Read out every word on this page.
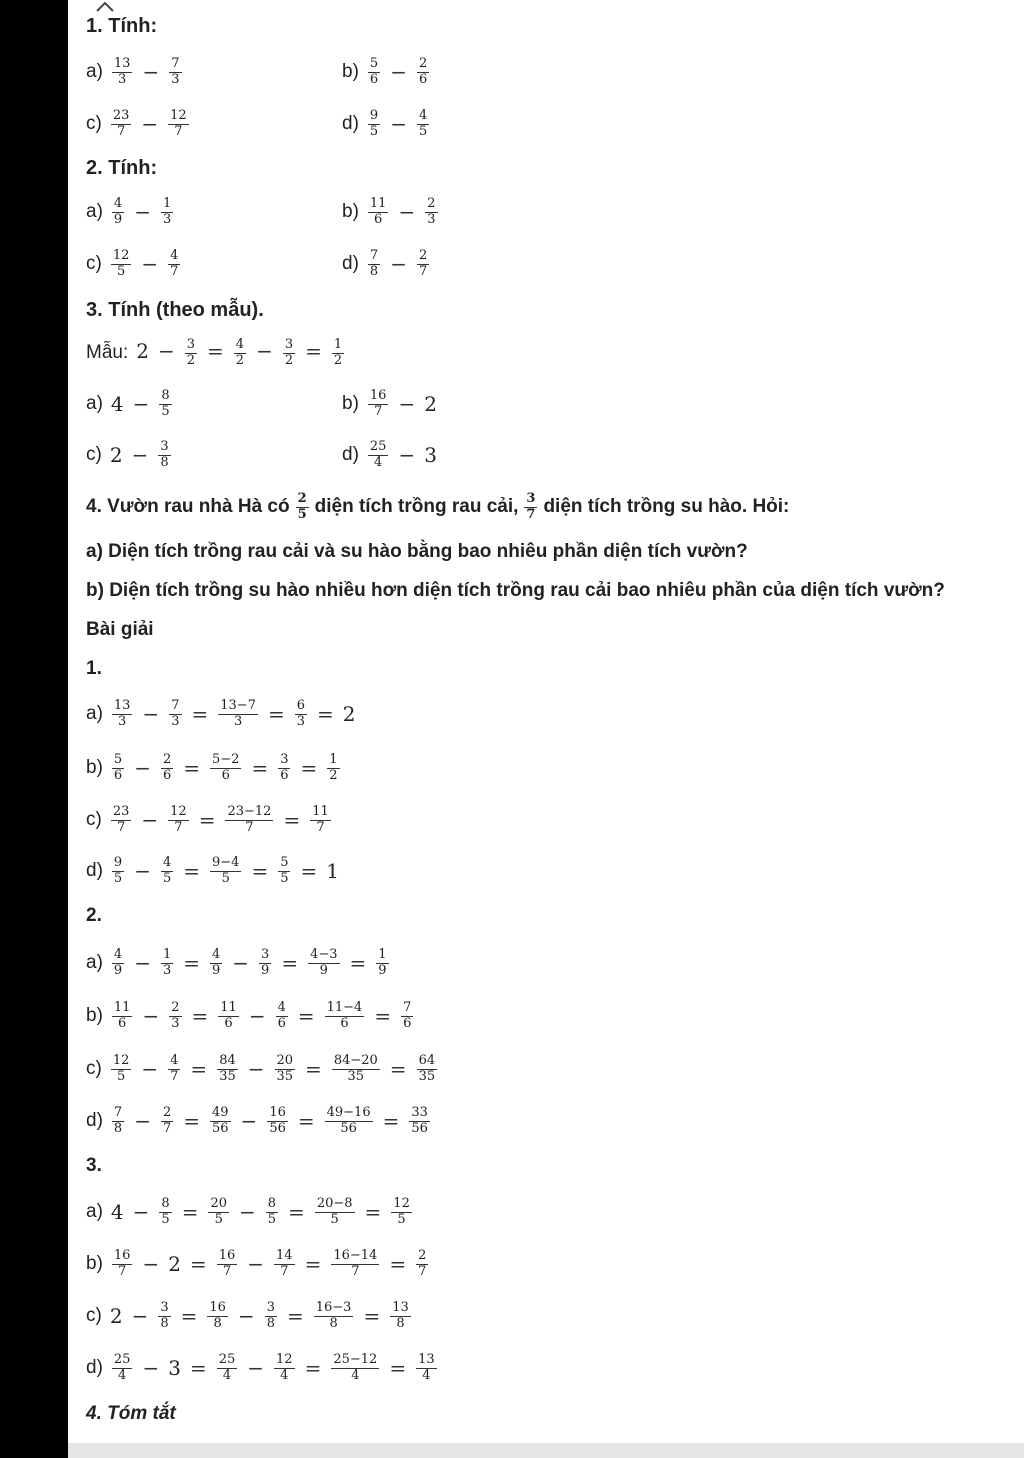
1. Tính:
$a) \frac{13}{3} - \frac{7}{3}$	$b) \frac{5}{6} - \frac{2}{6}$
$c) \frac{23}{7} - \frac{12}{7}$	$d) \frac{9}{5} - \frac{4}{5}$
2. Tính:
$a) \frac{4}{9} - \frac{1}{3}$	$b) \frac{11}{6} - \frac{2}{3}$
$c) \frac{12}{5} - \frac{4}{7}$	$d) \frac{7}{8} - \frac{2}{7}$
3. Tính (theo mẫu).
Mẫu: $2 - \frac{3}{2} = \frac{4}{2} - \frac{3}{2} = \frac{1}{2}$
a) $4 - \frac{8}{5}$	$b) \frac{16}{7} - 2$
c) $2 - \frac{3}{8}$	$d) \frac{25}{4} - 3$
4. Vườn rau nhà Hà có $\frac{2}{5}$ diện tích trồng rau cải, $\frac{3}{7}$ diện tích trồng su hào. Hỏi:
a) Diện tích trồng rau cải và su hào bằng bao nhiêu phần diện tích vườn?
b) Diện tích trồng su hào nhiều hơn diện tích trồng rau cải bao nhiêu phần của diện tích vườn?
Bài giải
1.
$a) \frac{13}{3} - \frac{7}{3} = \frac{13-7}{3} = \frac{6}{3} = 2$
$b) \frac{5}{6} - \frac{2}{6} = \frac{5-2}{6} = \frac{3}{6} = \frac{1}{2}$
$c) \frac{23}{7} - \frac{12}{7} = \frac{23-12}{7} = \frac{11}{7}$
$d) \frac{9}{5} - \frac{4}{5} = \frac{9-4}{5} = \frac{5}{5} = 1$
2.
$a) \frac{4}{9} - \frac{1}{3} = \frac{4}{9} - \frac{3}{9} = \frac{4-3}{9} = \frac{1}{9}$
$b) \frac{11}{6} - \frac{2}{3} = \frac{11}{6} - \frac{4}{6} = \frac{11-4}{6} = \frac{7}{6}$
$c) \frac{12}{5} - \frac{4}{7} = \frac{84}{35} - \frac{20}{35} = \frac{84-20}{35} = \frac{64}{35}$
$d) \frac{7}{8} - \frac{2}{7} = \frac{49}{56} - \frac{16}{56} = \frac{49-16}{56} = \frac{33}{56}$
3.
a) $4 - \frac{8}{5} = \frac{20}{5} - \frac{8}{5} = \frac{20-8}{5} = \frac{12}{5}$
$b) \frac{16}{7} - 2 = \frac{16}{7} - \frac{14}{7} = \frac{16-14}{7} = \frac{2}{7}$
c) $2 - \frac{3}{8} = \frac{16}{8} - \frac{3}{8} = \frac{16-3}{8} = \frac{13}{8}$
$d) \frac{25}{4} - 3 = \frac{25}{4} - \frac{12}{4} = \frac{25-12}{4} = \frac{13}{4}$
4. Tóm tắt
